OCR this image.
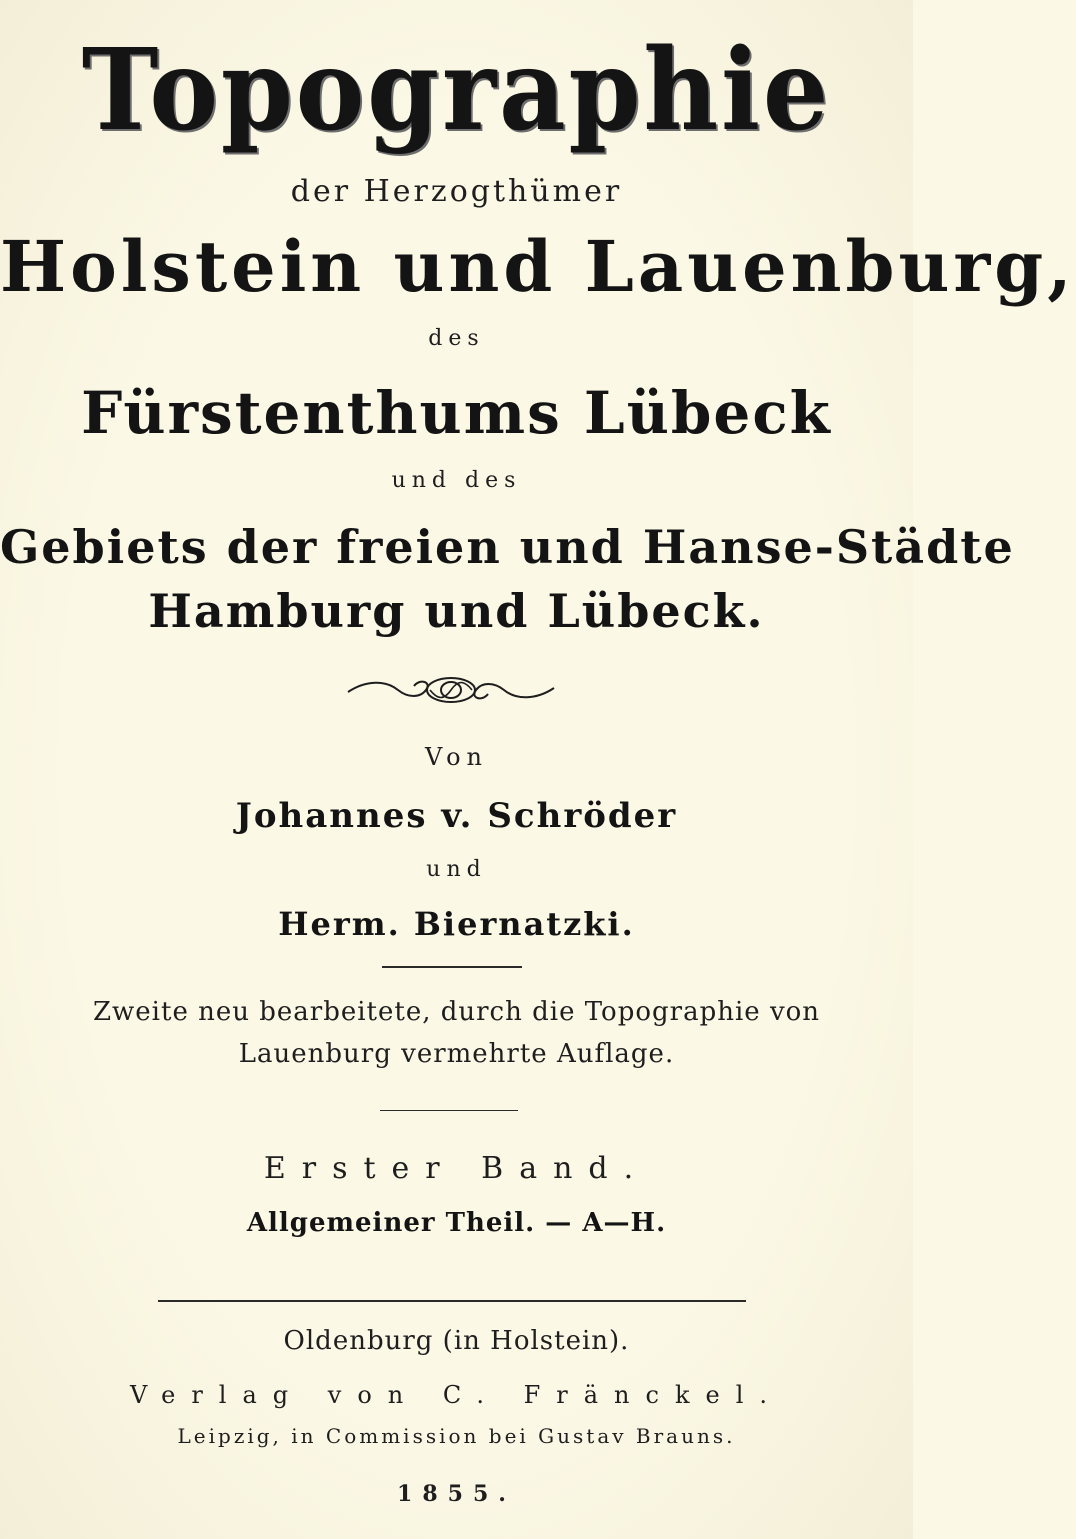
Topographie
der Herzogthümer
Holstein und Lauenburg,
des
Fürstenthums Lübeck
und des
Gebiets der freien und Hanse-Städte
Hamburg und Lübeck.
Von
Johannes v. Schröder
und
Herm. Biernatzki.
Zweite neu bearbeitete, durch die Topographie von
Lauenburg vermehrte Auflage.
Erster Band.
Allgemeiner Theil. — A—H.
Oldenburg (in Holstein).
Verlag von C. Fränckel.
Leipzig, in Commission bei Gustav Brauns.
1855.
